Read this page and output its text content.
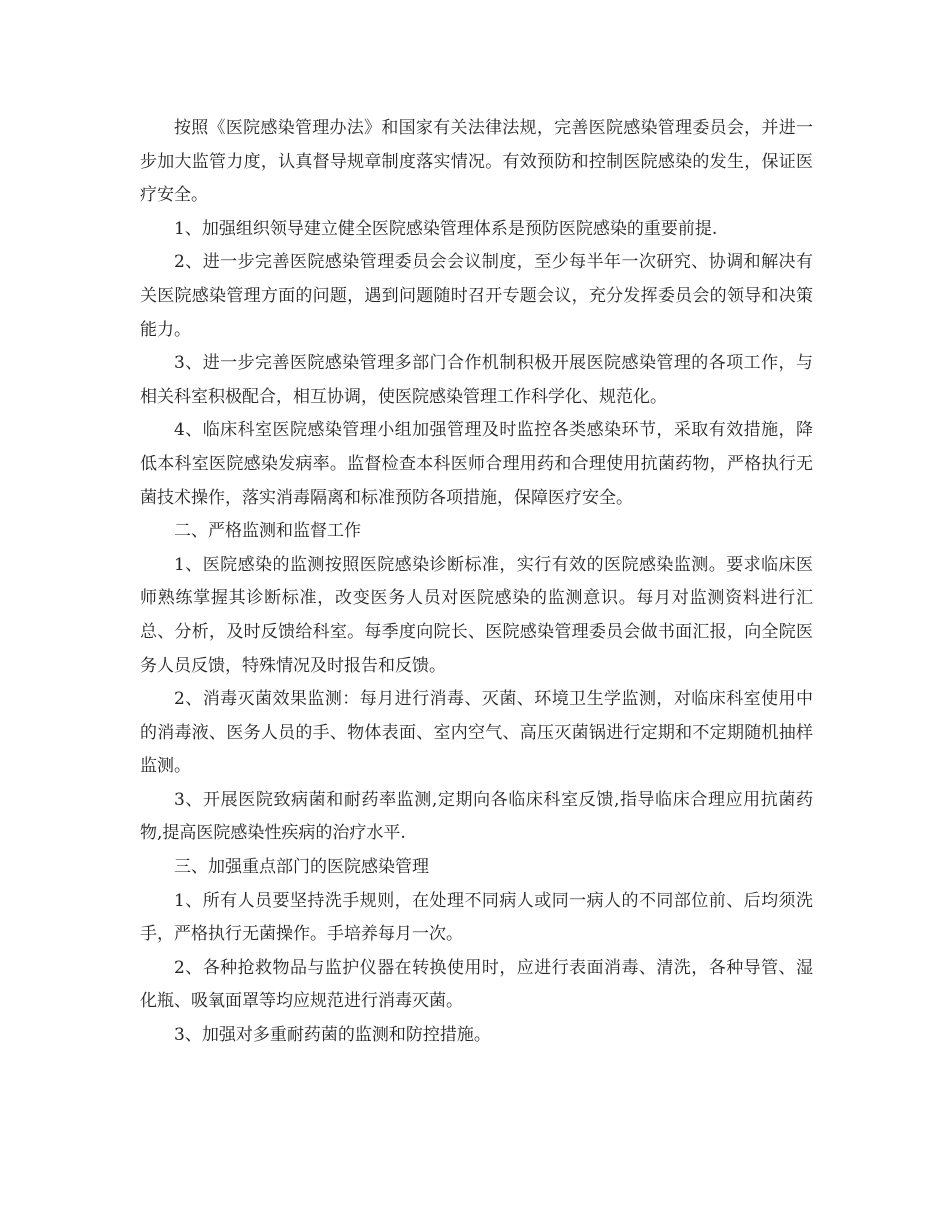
按照《医院感染管理办法》和国家有关法律法规，完善医院感染管理委员会，并进一步加大监管力度，认真督导规章制度落实情况。有效预防和控制医院感染的发生，保证医疗安全。

1、加强组织领导建立健全医院感染管理体系是预防医院感染的重要前提.

2、进一步完善医院感染管理委员会会议制度，至少每半年一次研究、协调和解决有关医院感染管理方面的问题，遇到问题随时召开专题会议，充分发挥委员会的领导和决策能力。

3、进一步完善医院感染管理多部门合作机制积极开展医院感染管理的各项工作，与相关科室积极配合，相互协调，使医院感染管理工作科学化、规范化。

4、临床科室医院感染管理小组加强管理及时监控各类感染环节，采取有效措施，降低本科室医院感染发病率。监督检查本科医师合理用药和合理使用抗菌药物，严格执行无菌技术操作，落实消毒隔离和标准预防各项措施，保障医疗安全。

二、严格监测和监督工作

1、医院感染的监测按照医院感染诊断标准，实行有效的医院感染监测。要求临床医师熟练掌握其诊断标准，改变医务人员对医院感染的监测意识。每月对监测资料进行汇总、分析，及时反馈给科室。每季度向院长、医院感染管理委员会做书面汇报，向全院医务人员反馈，特殊情况及时报告和反馈。

2、消毒灭菌效果监测：每月进行消毒、灭菌、环境卫生学监测，对临床科室使用中的消毒液、医务人员的手、物体表面、室内空气、高压灭菌锅进行定期和不定期随机抽样监测。

3、开展医院致病菌和耐药率监测,定期向各临床科室反馈,指导临床合理应用抗菌药物,提高医院感染性疾病的治疗水平.

三、加强重点部门的医院感染管理

1、所有人员要坚持洗手规则，在处理不同病人或同一病人的不同部位前、后均须洗手，严格执行无菌操作。手培养每月一次。

2、各种抢救物品与监护仪器在转换使用时，应进行表面消毒、清洗，各种导管、湿化瓶、吸氧面罩等均应规范进行消毒灭菌。

3、加强对多重耐药菌的监测和防控措施。
